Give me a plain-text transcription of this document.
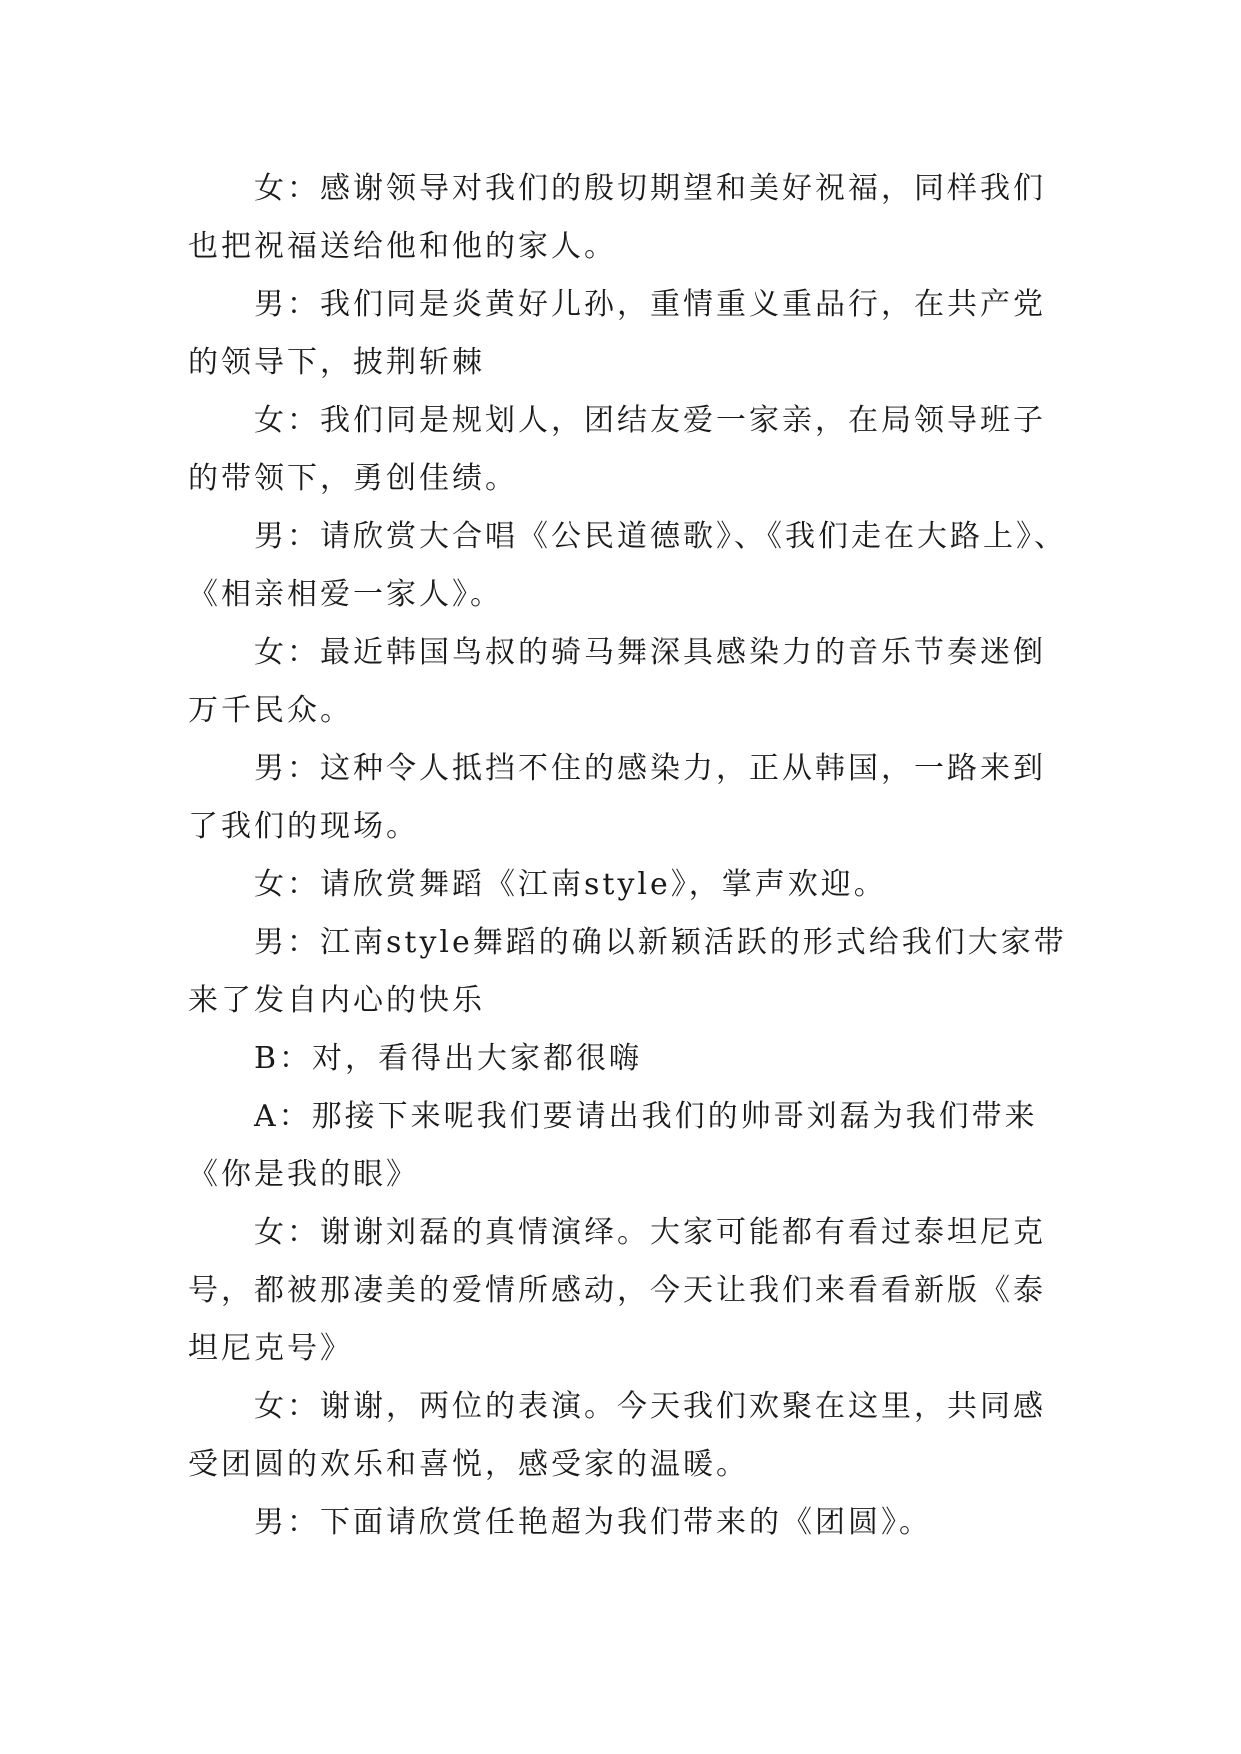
女：感谢领导对我们的殷切期望和美好祝福，同样我们也把祝福送给他和他的家人。

男：我们同是炎黄好儿孙，重情重义重品行，在共产党的领导下，披荆斩棘

女：我们同是规划人，团结友爱一家亲，在局领导班子的带领下，勇创佳绩。

男：请欣赏大合唱《公民道德歌》、《我们走在大路上》、《相亲相爱一家人》。

女：最近韩国鸟叔的骑马舞深具感染力的音乐节奏迷倒万千民众。

男：这种令人抵挡不住的感染力，正从韩国，一路来到了我们的现场。

女：请欣赏舞蹈《江南style》，掌声欢迎。

男：江南style舞蹈的确以新颖活跃的形式给我们大家带来了发自内心的快乐

B：对，看得出大家都很嗨

A：那接下来呢我们要请出我们的帅哥刘磊为我们带来《你是我的眼》

女：谢谢刘磊的真情演绎。大家可能都有看过泰坦尼克号，都被那凄美的爱情所感动，今天让我们来看看新版《泰坦尼克号》

女：谢谢，两位的表演。今天我们欢聚在这里，共同感受团圆的欢乐和喜悦，感受家的温暖。

男：下面请欣赏任艳超为我们带来的《团圆》。
